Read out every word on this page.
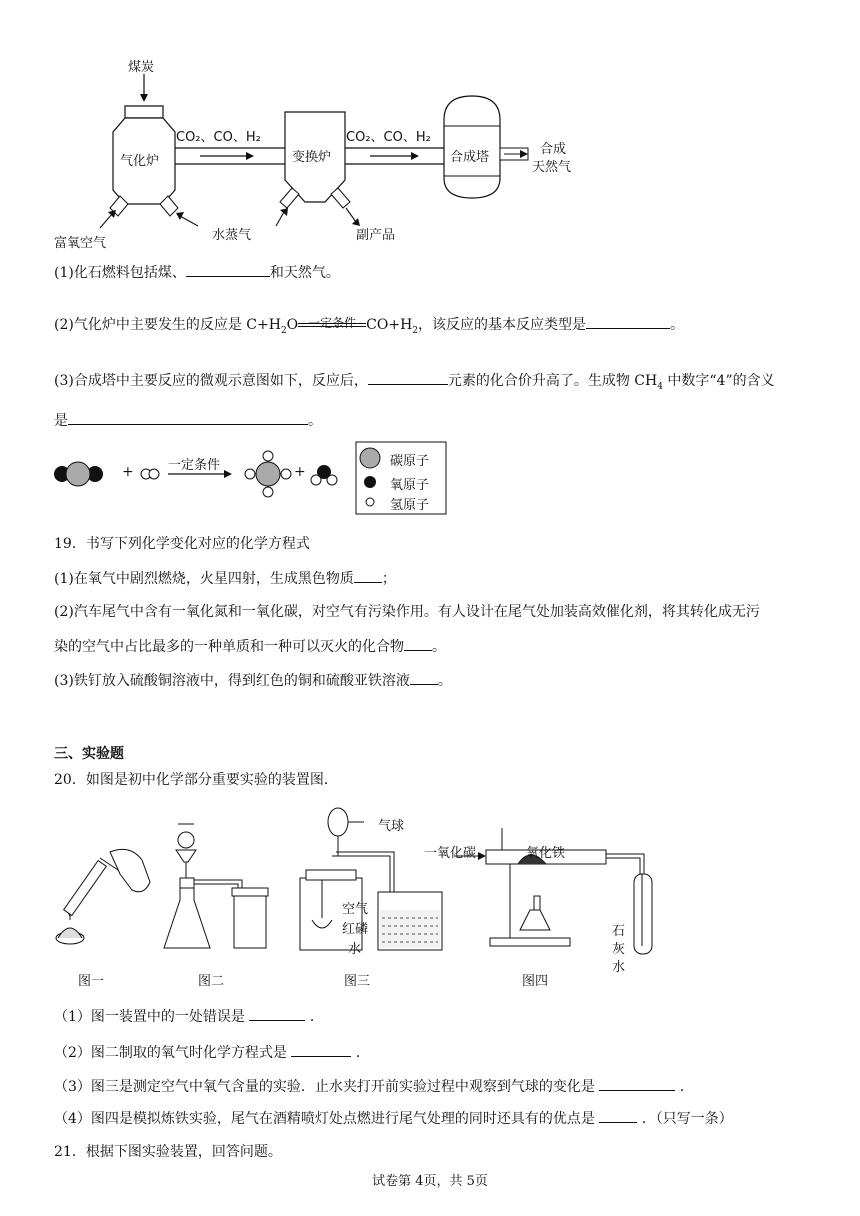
煤炭
气化炉
CO₂、CO、H₂
变换炉
CO₂、CO、H₂
合成塔
合成
天然气
富氧空气
水蒸气	副产品
(1)化石燃料包括煤、	和天然气。
(2)气化炉中主要发生的反应是 $C+H_2O$ 一定条件 $CO+H_2$，该反应的基本反应类型是	。
(3)合成塔中主要反应的微观示意图如下，反应后，	元素的化合价升高了。生成物 $CH_4$ 中数字“4”的含义
是	。
+	+
一定条件	碳原子
氧原子
氢原子
19．书写下列化学变化对应的化学方程式
(1)在氧气中剧烈燃烧，火星四射，生成黑色物质 ；
(2)汽车尾气中含有一氧化氮和一氧化碳，对空气有污染作用。有人设计在尾气处加装高效催化剂，将其转化成无污
染的空气中占比最多的一种单质和一种可以灭火的化合物 。
(3)铁钉放入硫酸铜溶液中，得到红色的铜和硫酸亚铁溶液 。
三、实验题
20．如图是初中化学部分重要实验的装置图．
气球
空气
红磷
水
一氧化碳	氧化铁
石
灰
水
图一	图二	图三	图四
（1）图一装置中的一处错误是	．
（2）图二制取的氧气时化学方程式是	．
（3）图三是测定空气中氧气含量的实验．止水夹打开前实验过程中观察到气球的变化是	．
（4）图四是模拟炼铁实验，尾气在酒精喷灯处点燃进行尾气处理的同时还具有的优点是	．（只写一条）
21．根据下图实验装置，回答问题。
试卷第 4页，共 5页
